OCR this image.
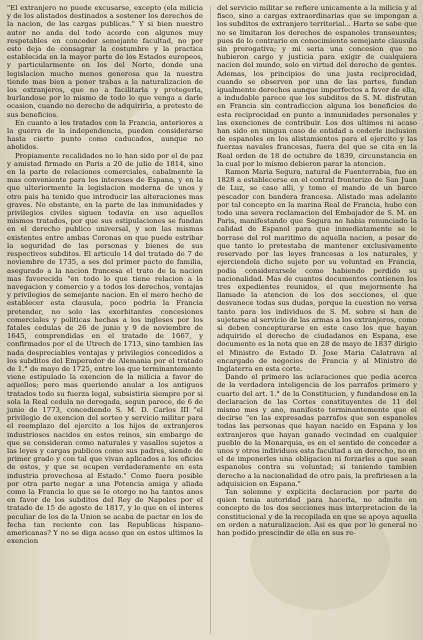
"El extranjero no puede excusarse, excepto (ela milicia y de los alistados destinados a sostener los derechos de la nacion, de las cargas publicas." Y si bien nuestro autor no anda del todo acorde con algunos muy respetables en conceder semejante facultad, no por esto deja de consagrar la costumbre y la practica establecida en la mayor parte de los Estados europeos, y particularmente en los del Norte, donde una legislacion mucho menos generosa que la nuestra tiende mas bien a poner trabas a la naturalizacion de los extranjeros, que no a facilitarla y protegerla, burlandose por lo mismo de todo lo que venga a darle ocasion, cuando no derecho de adquirirla, a pretesto de sus beneficios.

En cuanto a los tratados con la Francia, anteriores a la guerra de la independencia, pueden considerarse hasta cierto punto como caducados, aunque no abolidos.

Propiamente recalidados no lo han sido por el de paz y amistad firmado en Paris a 20 de julio de 1814, sino en la parte de relaciones comerciales, cabalmente la mas conveniente para los intereses de Espana, y en la que ulteriormente la legislacion moderna de unos y otro pais ha tenido que introducir las alteraciones mas graves. No obstante, en la parte de las inmunidades y privilegios civiles siguen todavia en uso aquellos mismos tratados, por que sus estipulaciones se fundan en el derecho publico universal, y son las mismas existentes entre ambas Coronas en que puede estribar la seguridad de las personas y bienes de sus respectivos subditos. El articulo 14 del tratado de 7 de noviembre de 1735, a ses del primer pacto de familia, asegurado a la nacion francesa el trato de la nacion mas favorecida "en todo lo que tiene relacion a la navegacion y comercio y a todos los derechos, ventajas y privilegios de semejante nacion. En el mero hecho de establecer esta clausula, poco podria la Francia pretender, no solo las exorbitantes concesiones comerciales y politicas hechas a los ingleses por los fatales cedulas de 26 de junio y 9 de noviembre de 1645, comprendidas en el tratado de 1667, y confirmados por el de Utrech de 1713, sino tambien las nada despreciables ventajas y privilegios concedidos a los subditos del Emperador de Alemania por el tratado de 1.° de mayo de 1725, entre los que terminantemente viene estipulado la exencion de la milicia a favor de aquellos; pero mas queriendo anular a los antiguos tratados todo su fuerza legal, subsistiria siempre por si sola la Real cedula no derogada, segun parece, de 6 de junio de 1773, concediendo S. M. D. Carlos III "el privilegio de exencion del sorteo y servicio militar para el reemplazo del ejercito a los hijos de extranjeros industriosos nacidos en estos reinos, sin embargo de que se consideran como naturales y vasallos sujetos a las leyes y cargas publicos como sus padres, siendo de primer grado y con tal que vivan aplicados a los oficios de estos, y que se ocupen verdaderamente en esta industria provechosa al Estado." Como fuera posible por otra parte negar a una Potencia amiga y aliada como la Francia lo que se le otorgo no ha tantos anos en favor de los subditos del Rey de Napoles por el tratado de 15 de agosto de 1817, y lo que en el interes peculiar de los de la Union se acaba de pactar en los de fecha tan reciente con las Republicas hispano-americanas? Y no se diga acaso que en estos ultimos la exencion

del servicio militar se refiere unicamente a la milicia y al fisco, sino a cargas extraordinarias que se impongan a los subditos de extranjero territorial... Harto se sabe que no se limitaran los derechos de espanoles transeuntes; pues de lo contrario en conocimiento semejante clausula sin prerogativa; y mi seria una concesion que no hubieron cargo y justicia para exigir de cualquiera nacion del mundo, solo en virtud del derecho de gentes. Ademas, los principios de una justa reciprocidad, cuando se observen por una de las partes, fundan igualmente derechos aunque imperfectos a favor de ella, a indudable parece que los subditos de S. M. disfrutan en Francia sin contradiccion alguna los beneficios de esta reciprocidad en punto a inmunidades personales y las exenciones de contribuir. Los dos ultimos ni acaso han sido en ningun caso de entidad a cederle inclusion de espanoles en los alistamientos para el ejercito y las fuerzas navales francesas, fuera del que se cita en la Real orden de 18 de octubre de 1839, circunstancia en la cual por lo mismo debieron parar la atencion.

Ramon Maria Segura, natural de Fuenterrabia, fue en 1828 a establecerse en el contral fronterizo de San Juan de Luz, se caso alli, y tomo el mando de un barco pescador con bandera francesa. Alistado mas adelante por tal concepto en la marina Real de Francia, hubo con todo una severa reclamacion del Embajador de S. M. en Paris, manifestando que Segura no habia renunciado la calidad de Espanol para que inmediatamente se le borrase del rol maritimo de aquella nacion, a pesar de que tanto lo pretestaba de mantener exclusivamente reservado por las leyes francesas a los naturales, y ejerciendola dicho sujeto por su voluntad en Francia, podia considerarsele como habiendo perdido su nacionalidad. Mas de cuantos documentos contienen los tres expedientes reunidos, el que mejormente ha llamado la atencion de los dos secciones, el que desvanece todas sus dudas, porque la cuestion no versa tanto para los individuos de S. M. sobre si han de sujetarse al servicio de las armas a los extranjeros, como si deben concepturarse en este caso los que hayan adquirido el derecho de ciudadanos en Espana, ese documento es la nota que en 28 de mayo de 1837 dirigio el Ministro de Estado D. Jose Maria Calatrava al encargado de negocios de Francia y al Ministro de Inglaterra en esta corte.

Dando el primero las aclaraciones que pedia acerca de la verdadera inteligencia de los parrafos primero y cuarto del art. 1.° de la Constitucion, y fundandose en la declaracion de las Cortes constituyentes de 11 del mismo mes y ano, manifesto terminantemente que el decirse "en las expresadas parrafos que son espanoles todas las personas que hayan nacido en Espana y los extranjeros que hayan ganado vecindad en cualquier pueblo de la Monarquia, es en el sentido de conceder a unos y otros individuos esta facultad a un derecho, no en el de imponerles una obligacion ni forzarles a que sean espanoles contra su voluntad; si teniendo tambien derecho a la nacionalidad de otro pais, la prefiriesen a la adquisicion en Espana."

Tan solemne y explicita declaracion por parte de quien tenia autoridad para hacerla, no admite en concepto de los dos secciones mas interpretacion de la constitucional y de la recopilada en que se apoya aquella en orden a naturalizacion. Asi es que por lo general no han podido prescindir de ella en sus re-
